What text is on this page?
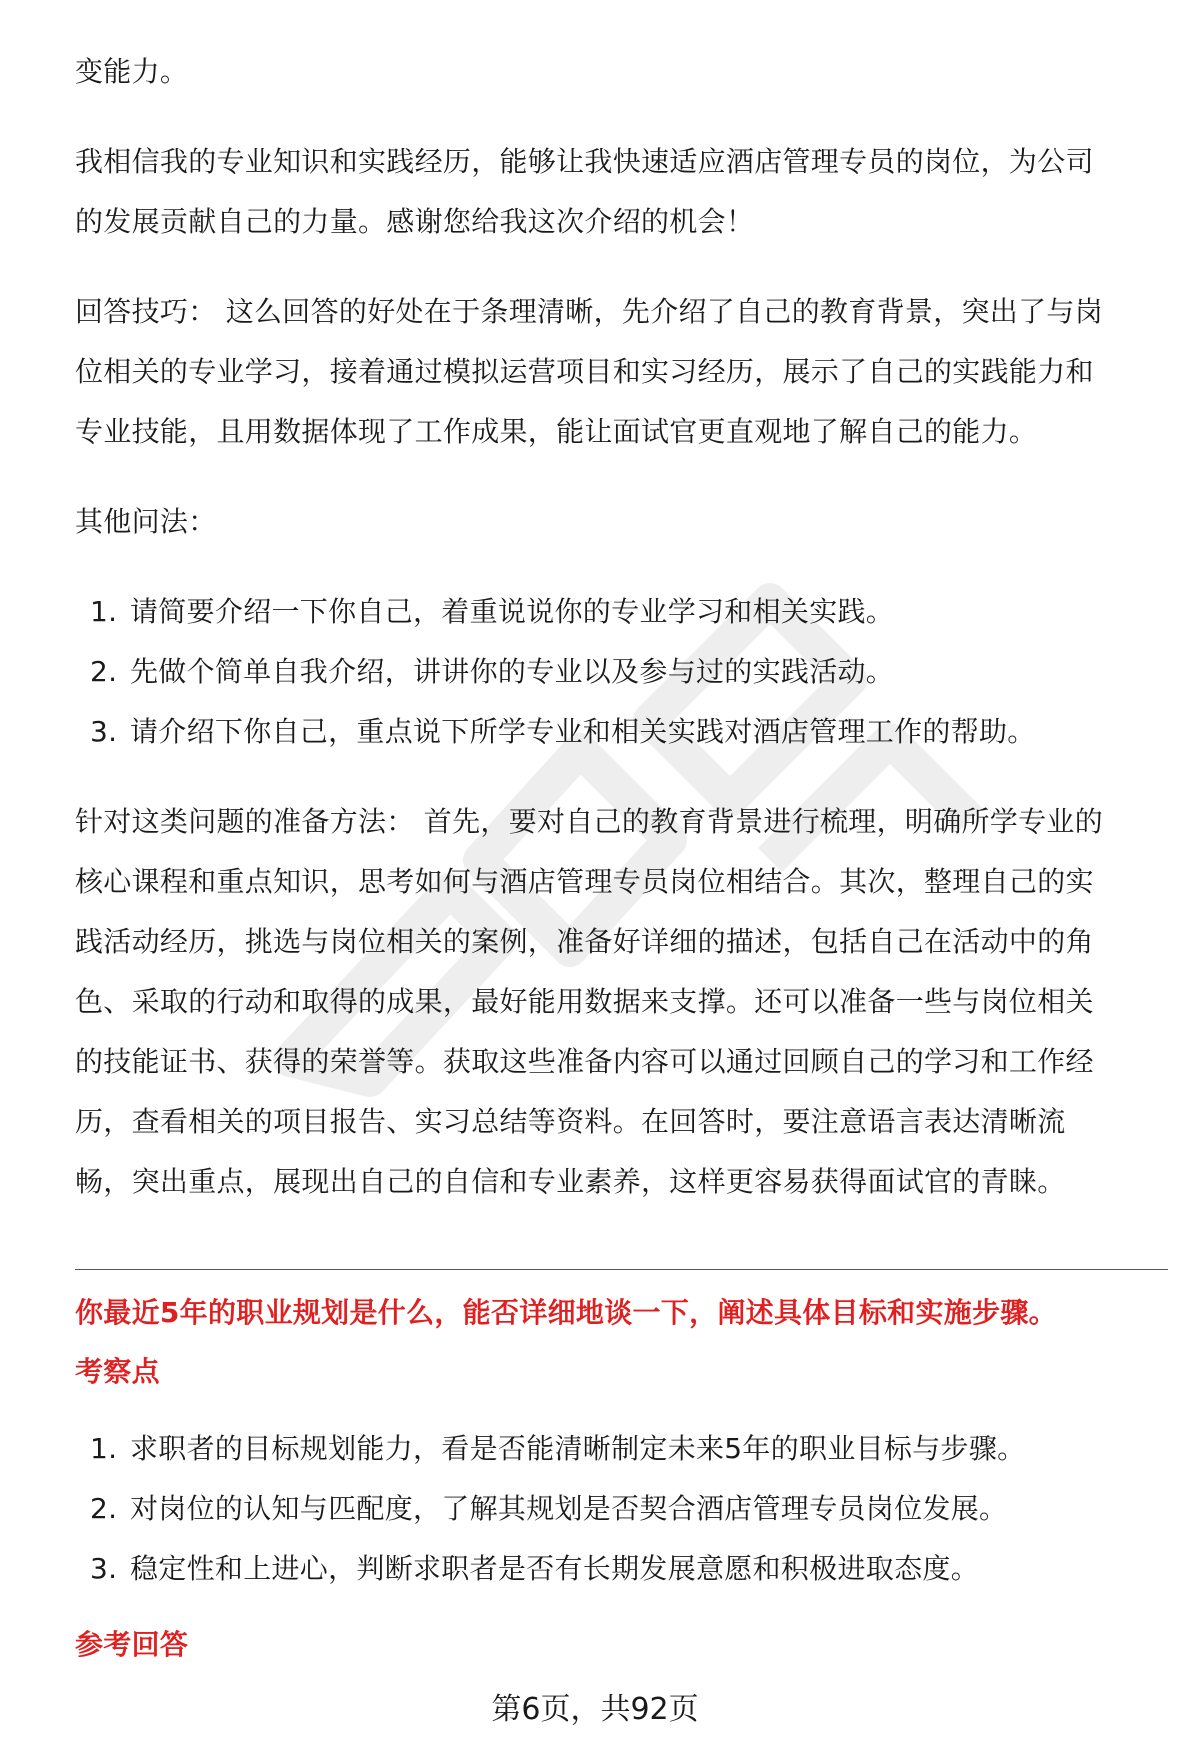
变能力。

我相信我的专业知识和实践经历，能够让我快速适应酒店管理专员的岗位，为公司

的发展贡献自己的力量。感谢您给我这次介绍的机会！

回答技巧： 这么回答的好处在于条理清晰，先介绍了自己的教育背景，突出了与岗

位相关的专业学习，接着通过模拟运营项目和实习经历，展示了自己的实践能力和

专业技能，且用数据体现了工作成果，能让面试官更直观地了解自己的能力。

其他问法：

1. 请简要介绍一下你自己，着重说说你的专业学习和相关实践。
2. 先做个简单自我介绍，讲讲你的专业以及参与过的实践活动。
3. 请介绍下你自己，重点说下所学专业和相关实践对酒店管理工作的帮助。

针对这类问题的准备方法： 首先，要对自己的教育背景进行梳理，明确所学专业的

核心课程和重点知识，思考如何与酒店管理专员岗位相结合。其次，整理自己的实

践活动经历，挑选与岗位相关的案例，准备好详细的描述，包括自己在活动中的角

色、采取的行动和取得的成果，最好能用数据来支撑。还可以准备一些与岗位相关

的技能证书、获得的荣誉等。获取这些准备内容可以通过回顾自己的学习和工作经

历，查看相关的项目报告、实习总结等资料。在回答时，要注意语言表达清晰流

畅，突出重点，展现出自己的自信和专业素养，这样更容易获得面试官的青睐。

你最近5年的职业规划是什么，能否详细地谈一下，阐述具体目标和实施步骤。

考察点

1. 求职者的目标规划能力，看是否能清晰制定未来5年的职业目标与步骤。
2. 对岗位的认知与匹配度，了解其规划是否契合酒店管理专员岗位发展。
3. 稳定性和上进心，判断求职者是否有长期发展意愿和积极进取态度。

参考回答

第6页，共92页
